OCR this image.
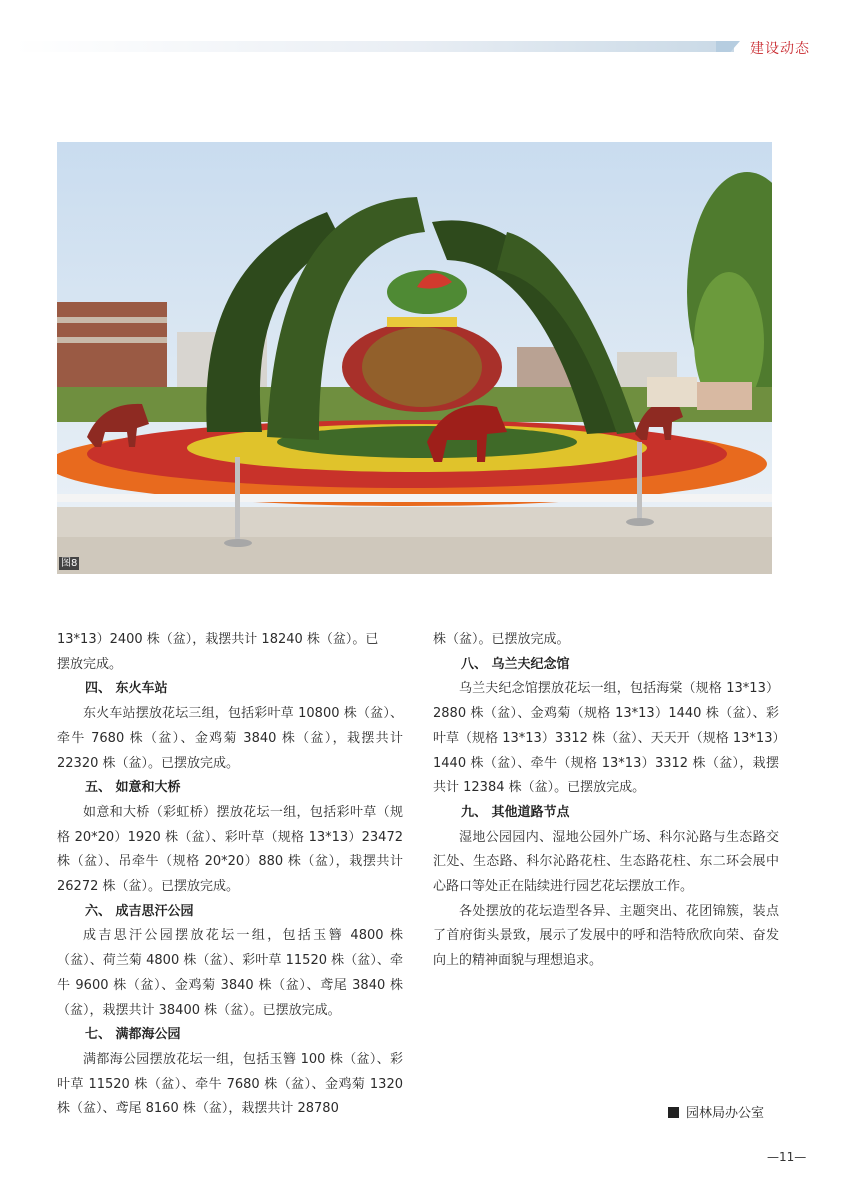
建设动态
图8

13*13）2400 株（盆），栽摆共计 18240 株（盆）。已

摆放完成。

四、 东火车站

东火车站摆放花坛三组，包括彩叶草 10800 株（盆）、牵牛 7680 株（盆）、金鸡菊 3840 株（盆），栽摆共计 22320 株（盆）。已摆放完成。

五、 如意和大桥

如意和大桥（彩虹桥）摆放花坛一组，包括彩叶草（规格 20*20）1920 株（盆）、彩叶草（规格 13*13）23472 株（盆）、吊牵牛（规格 20*20）880 株（盆），栽摆共计 26272 株（盆）。已摆放完成。

六、 成吉思汗公园

成吉思汗公园摆放花坛一组，包括玉簪 4800 株（盆）、荷兰菊 4800 株（盆）、彩叶草 11520 株（盆）、牵牛 9600 株（盆）、金鸡菊 3840 株（盆）、鸢尾 3840 株（盆），栽摆共计 38400 株（盆）。已摆放完成。

七、 满都海公园

满都海公园摆放花坛一组，包括玉簪 100 株（盆）、彩叶草 11520 株（盆）、牵牛 7680 株（盆）、金鸡菊 1320 株（盆）、鸢尾 8160 株（盆），栽摆共计 28780

株（盆）。已摆放完成。

八、 乌兰夫纪念馆

乌兰夫纪念馆摆放花坛一组，包括海棠（规格 13*13）2880 株（盆）、金鸡菊（规格 13*13）1440 株（盆）、彩叶草（规格 13*13）3312 株（盆）、天天开（规格 13*13）1440 株（盆）、牵牛（规格 13*13）3312 株（盆），栽摆共计 12384 株（盆）。已摆放完成。

九、 其他道路节点

湿地公园园内、湿地公园外广场、科尔沁路与生态路交汇处、生态路、科尔沁路花柱、生态路花柱、东二环会展中心路口等处正在陆续进行园艺花坛摆放工作。

各处摆放的花坛造型各异、主题突出、花团锦簇，装点了首府街头景致，展示了发展中的呼和浩特欣欣向荣、奋发向上的精神面貌与理想追求。

园林局办公室
—11—
